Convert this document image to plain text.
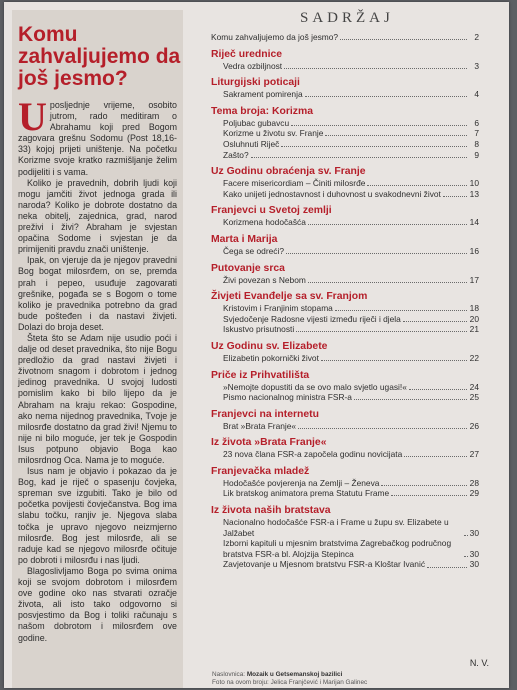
Komu zahvaljujemo da još jesmo?

Uposljednje vrijeme, osobito jutrom, rado meditiram o Abrahamu koji pred Bogom zagovara grešnu Sodomu (Post 18,16-33) kojoj prijeti uništenje. Na početku Korizme svoje kratko razmišljanje želim podijeliti i s vama.

Koliko je pravednih, dobrih ljudi koji mogu jamčiti život jednoga grada ili naroda? Koliko je dobrote dostatno da neka obitelj, zajednica, grad, narod preživi i živi? Abraham je svjestan opačina Sodome i svjestan je da primijeniti pravdu znači uništenje.

Ipak, on vjeruje da je njegov pravedni Bog bogat milosrđem, on se, premda prah i pepeo, usuđuje zagovarati grešnike, pogađa se s Bogom o tome koliko je pravednika potrebno da grad bude pošteđen i da nastavi živjeti. Dolazi do broja deset.

Šteta što se Adam nije usudio poći i dalje od deset pravednika, što nije Bogu predložio da grad nastavi živjeti i životnom snagom i dobrotom i jednog jedinog pravednika. U svojoj ludosti pomislim kako bi bilo lijepo da je Abraham na kraju rekao: Gospodine, ako nema nijednog pravednika, Tvoje je milosrđe dostatno da grad živi! Njemu to nije ni bilo moguće, jer tek je Gospodin Isus potpuno objavio Boga kao milosrdnog Oca. Nama je to moguće.

Isus nam je objavio i pokazao da je Bog, kad je riječ o spasenju čovjeka, spreman sve izgubiti. Tako je bilo od početka povijesti čovječanstva. Bog ima slabu točku, ranjiv je. Njegova slaba točka je upravo njegovo neizmjerno milosrđe. Bog jest milosrđe, ali se raduje kad se njegovo milosrđe očituje po dobroti i milosrđu i nas ljudi.

Blagoslivljamo Boga po svima onima koji se svojom dobrotom i milosrđem ove godine oko nas stvarati ozračje života, ali isto tako odgovorno si posvjestimo da Bog i toliki računaju s našom dobrotom i milosrđem ove godine.

N. V.
SADRŽAJ
Komu zahvaljujemo da još jesmo?	2
Riječ urednice
Vedra ozbiljnost	3
Liturgijski poticaji
Sakrament pomirenja	4
Tema broja: Korizma
Poljubac gubavcu	6
Korizme u životu sv. Franje	7
Osluhnuti Riječ	8
Zašto?	9
Uz Godinu obraćenja sv. Franje
Facere misericordiam – Činiti milosrđe	10
Kako unijeti jednostavnost i duhovnost u svakodnevni život	13
Franjevci u Svetoj zemlji
Korizmena hodočašća	14
Marta i Marija
Čega se odreći?	16
Putovanje srca
Živi povezan s Nebom	17
Živjeti Evanđelje sa sv. Franjom
Kristovim i Franjinim stopama	18
Svjedočenje Radosne vijesti između riječi i djela	20
Iskustvo prisutnosti	21
Uz Godinu sv. Elizabete
Elizabetin pokornički život	22
Priče iz Prihvatilišta
»Nemojte dopustiti da se ovo malo svjetlo ugasi!«	24
Pismo nacionalnog ministra FSR-a	25
Franjevci na internetu
Brat »Brata Franje«	26
Iz života »Brata Franje«
23 nova člana FSR-a započela godinu novicijata	27
Franjevačka mladež
Hodočašće povjerenja na Zemlji – Ženeva	28
Lik bratskog animatora prema Statutu Frame	29
Iz života naših bratstava
Nacionalno hodočašće FSR-a i Frame u župu sv. Elizabete u Jalžabet	30
Izborni kapituli u mjesnim bratstvima Zagrebačkog područnog bratstva FSR-a bl. Alojzija Stepinca	30
Zavjetovanje u Mjesnom bratstvu FSR-a Kloštar Ivanić	30
Naslovnica: Mozaik u Getsemanskoj bazilici
Foto na ovom broju: Jelica Franjčević i Marijan Galinec
